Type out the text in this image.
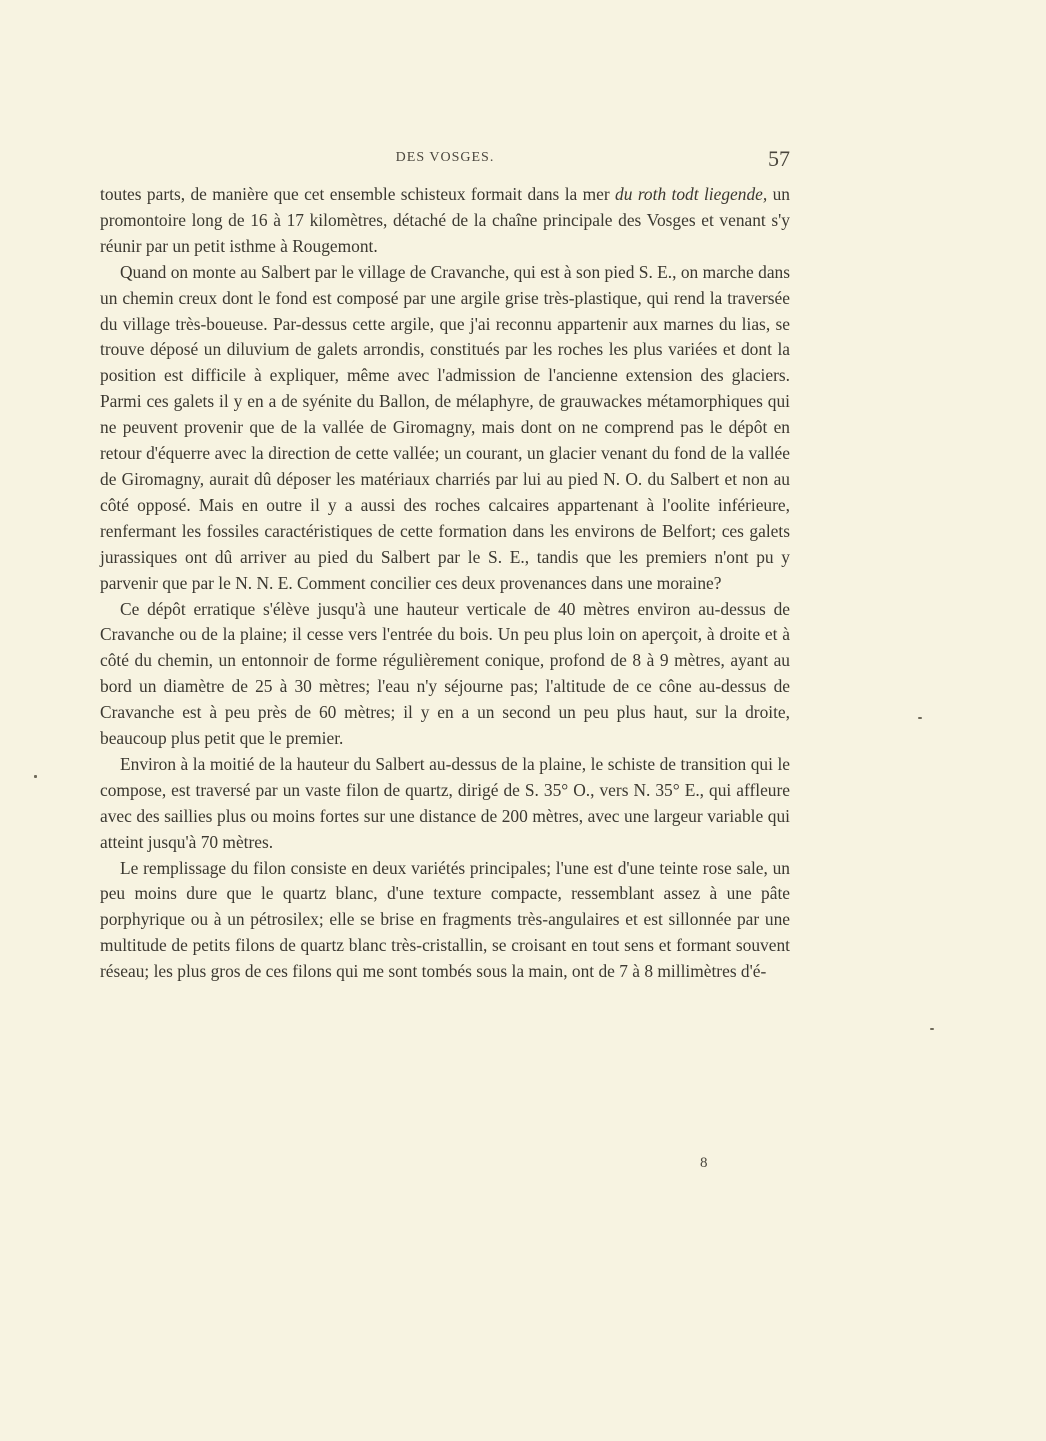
DES VOSGES.	57

toutes parts, de manière que cet ensemble schisteux formait dans la mer du roth todt liegende, un promontoire long de 16 à 17 kilomètres, détaché de la chaîne principale des Vosges et venant s'y réunir par un petit isthme à Rougemont.

Quand on monte au Salbert par le village de Cravanche, qui est à son pied S. E., on marche dans un chemin creux dont le fond est composé par une argile grise très-plastique, qui rend la traversée du village très-boueuse. Par-dessus cette argile, que j'ai reconnu appartenir aux marnes du lias, se trouve déposé un diluvium de galets arrondis, constitués par les roches les plus variées et dont la position est difficile à expliquer, même avec l'admission de l'ancienne extension des glaciers. Parmi ces galets il y en a de syénite du Ballon, de mélaphyre, de grauwackes métamorphiques qui ne peuvent provenir que de la vallée de Giromagny, mais dont on ne comprend pas le dépôt en retour d'équerre avec la direction de cette vallée; un courant, un glacier venant du fond de la vallée de Giromagny, aurait dû déposer les matériaux charriés par lui au pied N. O. du Salbert et non au côté opposé. Mais en outre il y a aussi des roches calcaires appartenant à l'oolite inférieure, renfermant les fossiles caractéristiques de cette formation dans les environs de Belfort; ces galets jurassiques ont dû arriver au pied du Salbert par le S. E., tandis que les premiers n'ont pu y parvenir que par le N. N. E. Comment concilier ces deux provenances dans une moraine?

Ce dépôt erratique s'élève jusqu'à une hauteur verticale de 40 mètres environ au-dessus de Cravanche ou de la plaine; il cesse vers l'entrée du bois. Un peu plus loin on aperçoit, à droite et à côté du chemin, un entonnoir de forme régulièrement conique, profond de 8 à 9 mètres, ayant au bord un diamètre de 25 à 30 mètres; l'eau n'y séjourne pas; l'altitude de ce cône au-dessus de Cravanche est à peu près de 60 mètres; il y en a un second un peu plus haut, sur la droite, beaucoup plus petit que le premier.

Environ à la moitié de la hauteur du Salbert au-dessus de la plaine, le schiste de transition qui le compose, est traversé par un vaste filon de quartz, dirigé de S. 35° O., vers N. 35° E., qui affleure avec des saillies plus ou moins fortes sur une distance de 200 mètres, avec une largeur variable qui atteint jusqu'à 70 mètres.

Le remplissage du filon consiste en deux variétés principales; l'une est d'une teinte rose sale, un peu moins dure que le quartz blanc, d'une texture compacte, ressemblant assez à une pâte porphyrique ou à un pétrosilex; elle se brise en fragments très-angulaires et est sillonnée par une multitude de petits filons de quartz blanc très-cristallin, se croisant en tout sens et formant souvent réseau; les plus gros de ces filons qui me sont tombés sous la main, ont de 7 à 8 millimètres d'é-

8
